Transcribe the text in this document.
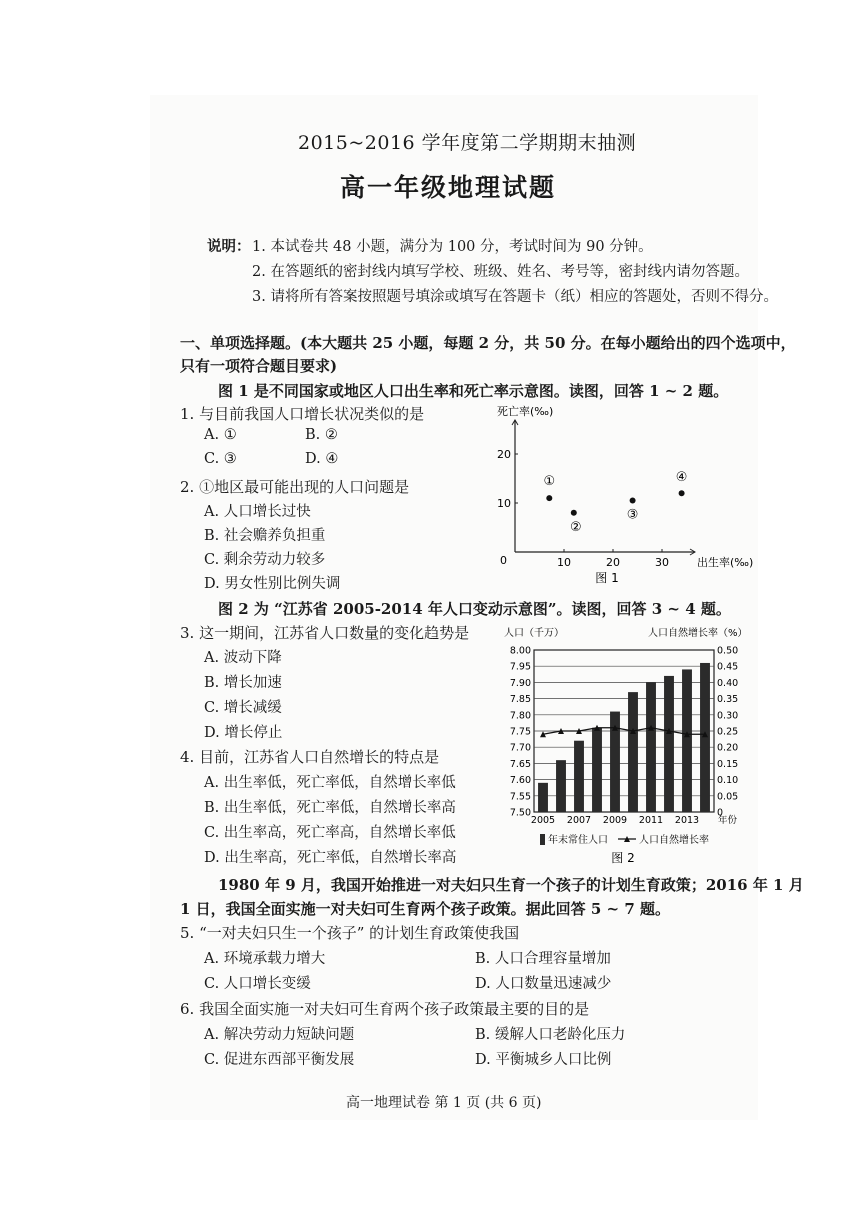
2015~2016 学年度第二学期期末抽测
高一年级地理试题
说明： 1. 本试卷共 48 小题，满分为 100 分，考试时间为 90 分钟。
2. 在答题纸的密封线内填写学校、班级、姓名、考号等，密封线内请勿答题。
3. 请将所有答案按照题号填涂或填写在答题卡（纸）相应的答题处，否则不得分。
一、单项选择题。(本大题共 25 小题，每题 2 分，共 50 分。在每小题给出的四个选项中，
只有一项符合题目要求)
图 1 是不同国家或地区人口出生率和死亡率示意图。读图，回答 1 ~ 2 题。
1. 与目前我国人口增长状况类似的是
A. ①	B. ②
C. ③	D. ④
2. ①地区最可能出现的人口问题是
A. 人口增长过快
B. 社会赡养负担重
C. 剩余劳动力较多
D. 男女性别比例失调
0	10	20	30
10
20
死亡率(‰)
出生率(‰)
图 1
①
②
③
④
图 2 为 “江苏省 2005-2014 年人口变动示意图”。读图，回答 3 ~ 4 题。
3. 这一期间，江苏省人口数量的变化趋势是
A. 波动下降
B. 增长加速
C. 增长减缓
D. 增长停止
4. 目前，江苏省人口自然增长的特点是
A. 出生率低，死亡率低，自然增长率低
B. 出生率低，死亡率低，自然增长率高
C. 出生率高，死亡率高，自然增长率低
D. 出生率高，死亡率低，自然增长率高
7.50
7.55
7.60
7.65
7.70
7.75
7.80
7.85
7.90
7.95
8.00
0
0.05
0.10
0.15
0.20
0.25
0.30
0.35
0.40
0.45
0.50
2005 2007 2009 2011 2013 年份
人口（千万）	人口自然增长率（%）
年末常住人口	人口自然增长率
图 2
1980 年 9 月，我国开始推进一对夫妇只生育一个孩子的计划生育政策；2016 年 1 月
1 日，我国全面实施一对夫妇可生育两个孩子政策。据此回答 5 ~ 7 题。
5. “一对夫妇只生一个孩子” 的计划生育政策使我国
A. 环境承载力增大	B. 人口合理容量增加
C. 人口增长变缓	D. 人口数量迅速减少
6. 我国全面实施一对夫妇可生育两个孩子政策最主要的目的是
A. 解决劳动力短缺问题	B. 缓解人口老龄化压力
C. 促进东西部平衡发展	D. 平衡城乡人口比例
高一地理试卷 第 1 页 (共 6 页)
